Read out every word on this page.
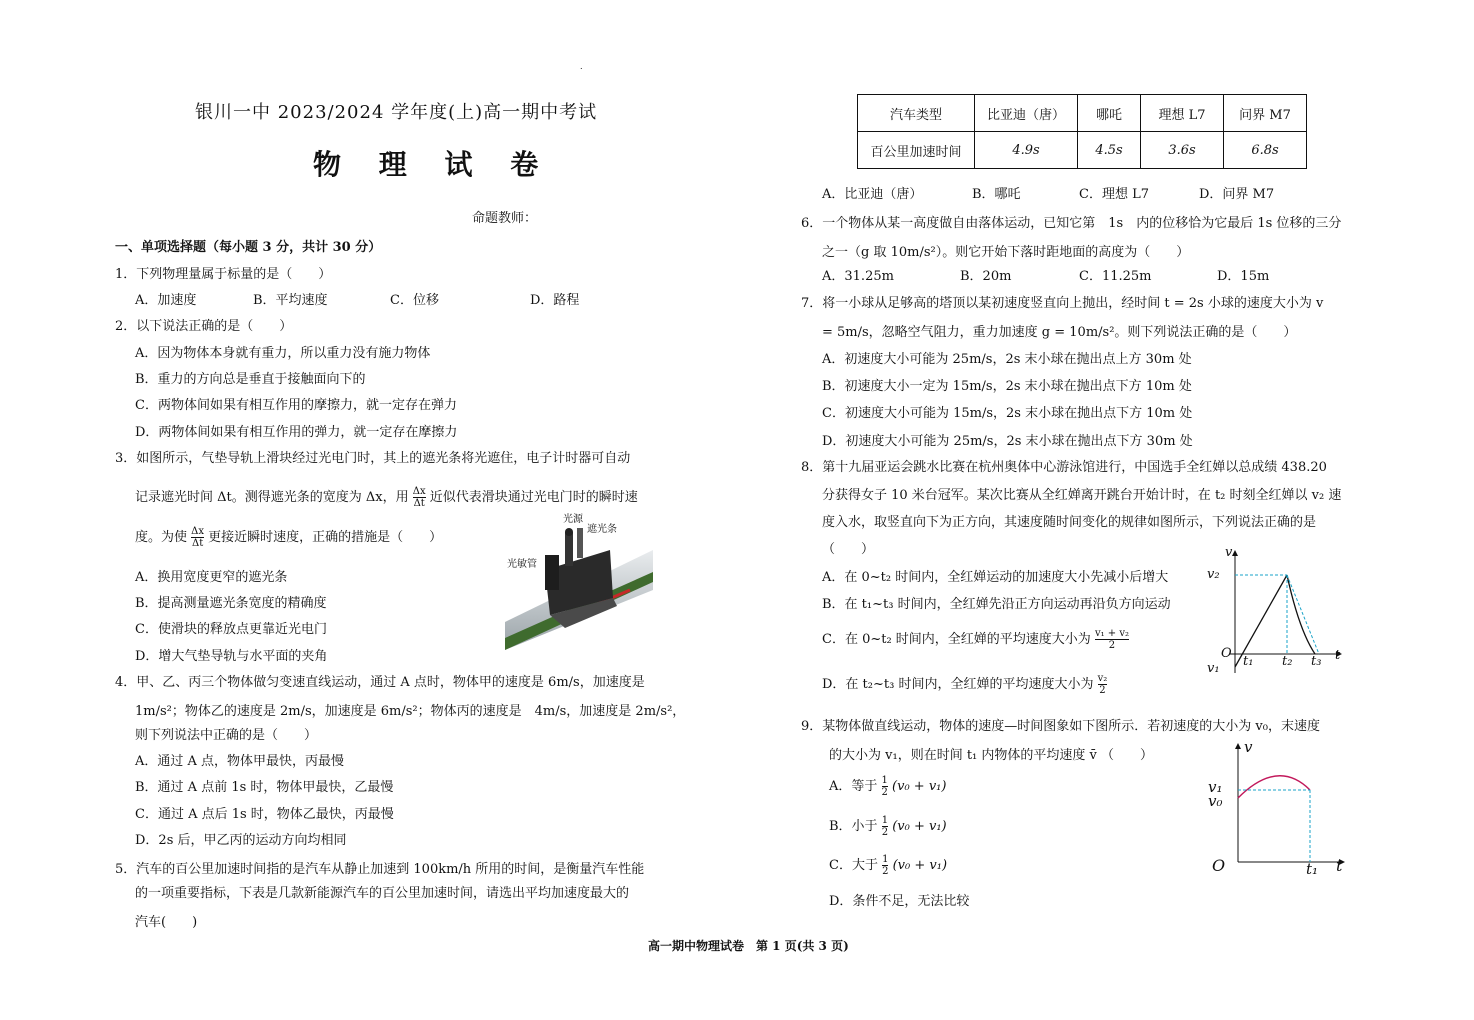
.
银川一中 2023/2024 学年度(上)高一期中考试
物 理 试 卷
命题教师：
一、单项选择题（每小题 3 分，共计 30 分）
1．下列物理量属于标量的是（　　）
A．加速度	B．平均速度	C．位移	D．路程
2．以下说法正确的是（　　）
A．因为物体本身就有重力，所以重力没有施力物体
B．重力的方向总是垂直于接触面向下的
C．两物体间如果有相互作用的摩擦力，就一定存在弹力
D．两物体间如果有相互作用的弹力，就一定存在摩擦力
3．如图所示，气垫导轨上滑块经过光电门时，其上的遮光条将光遮住，电子计时器可自动
记录遮光时间 Δt。测得遮光条的宽度为 Δx，用 $\frac{\Delta x}{\Delta t}$ 近似代表滑块通过光电门时的瞬时速
度。为使 $\frac{\Delta x}{\Delta t}$ 更接近瞬时速度，正确的措施是（　　）
A．换用宽度更窄的遮光条
B．提高测量遮光条宽度的精确度
C．使滑块的释放点更靠近光电门
D．增大气垫导轨与水平面的夹角
光源
遮光条
光敏管
4．甲、乙、丙三个物体做匀变速直线运动，通过 A 点时，物体甲的速度是 6m/s，加速度是
1m/s²；物体乙的速度是 2m/s，加速度是 6m/s²；物体丙的速度是　4m/s，加速度是 2m/s²，
则下列说法中正确的是（　　）
A．通过 A 点，物体甲最快，丙最慢
B．通过 A 点前 1s 时，物体甲最快，乙最慢
C．通过 A 点后 1s 时，物体乙最快，丙最慢
D．2s 后，甲乙丙的运动方向均相同
5．汽车的百公里加速时间指的是汽车从静止加速到 100km/h 所用的时间，是衡量汽车性能
的一项重要指标，下表是几款新能源汽车的百公里加速时间，请选出平均加速度最大的
汽车(　　)
汽车类型	比亚迪（唐）	哪吒	理想 L7	问界 M7
百公里加速时间	4.9s	4.5s	3.6s	6.8s
A．比亚迪（唐）	B．哪吒	C．理想 L7	D．问界 M7
6．一个物体从某一高度做自由落体运动，已知它第　1s　内的位移恰为它最后 1s 位移的三分
之一（g 取 10m/s²）。则它开始下落时距地面的高度为（　　）
A．31.25m	B．20m	C．11.25m	D．15m
7．将一小球从足够高的塔顶以某初速度竖直向上抛出，经时间 t = 2s 小球的速度大小为 v
= 5m/s，忽略空气阻力，重力加速度 g = 10m/s²。则下列说法正确的是（　　）
A．初速度大小可能为 25m/s，2s 末小球在抛出点上方 30m 处
B．初速度大小一定为 15m/s，2s 末小球在抛出点下方 10m 处
C．初速度大小可能为 15m/s，2s 末小球在抛出点下方 10m 处
D．初速度大小可能为 25m/s，2s 末小球在抛出点下方 30m 处
8．第十九届亚运会跳水比赛在杭州奥体中心游泳馆进行，中国选手全红婵以总成绩 438.20
分获得女子 10 米台冠军。某次比赛从全红婵离开跳台开始计时，在 t₂ 时刻全红婵以 v₂ 速
度入水，取竖直向下为正方向，其速度随时间变化的规律如图所示，下列说法正确的是
（　　）
A．在 0~t₂ 时间内，全红婵运动的加速度大小先减小后增大
B．在 t₁~t₃ 时间内，全红婵先沿正方向运动再沿负方向运动
C．在 0~t₂ 时间内，全红婵的平均速度大小为 $\frac{\text{v₁ + v₂}}{2}$
D．在 t₂~t₃ 时间内，全红婵的平均速度大小为 $\frac{\text{v₂}}{2}$
v
v₂
O
v₁ t₁ t₂ t₃ t
9．某物体做直线运动，物体的速度—时间图象如下图所示．若初速度的大小为 v₀，末速度
的大小为 v₁，则在时间 t₁ 内物体的平均速度 v̄ （　　）
A．等于 $\frac{1}{2} (v_0 + v_1)$
B．小于 $\frac{1}{2} (v_0 + v_1)$
C．大于 $\frac{1}{2} (v_0 + v_1)$
D．条件不足，无法比较
v
v₁
v₀
O	t₁ t
高一期中物理试卷　第 1 页(共 3 页)
